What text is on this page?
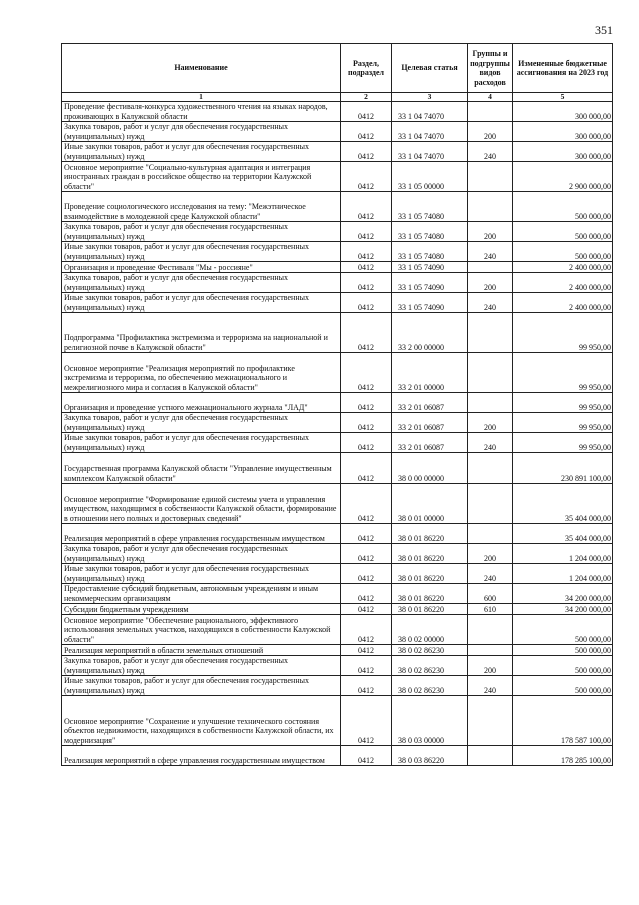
351
Наименование	Раздел, подраздел	Целевая статья	Группы и подгруппы видов расходов	Измененные бюджетные ассигнования на 2023 год
1	2	3	4	5
Проведение фестиваля-конкурса художественного чтения на языках народов, проживающих в Калужской области	0412	33 1 04 74070		300 000,00
Закупка товаров, работ и услуг для обеспечения государственных (муниципальных) нужд	0412	33 1 04 74070	200	300 000,00
Иные закупки товаров, работ и услуг для обеспечения государственных (муниципальных) нужд	0412	33 1 04 74070	240	300 000,00
Основное мероприятие "Социально-культурная адаптация и интеграция иностранных граждан в российское общество на территории Калужской области"	0412	33 1 05 00000		2 900 000,00
Проведение социологического исследования на тему: "Межэтническое взаимодействие в молодежной среде Калужской области"	0412	33 1 05 74080		500 000,00
Закупка товаров, работ и услуг для обеспечения государственных (муниципальных) нужд	0412	33 1 05 74080	200	500 000,00
Иные закупки товаров, работ и услуг для обеспечения государственных (муниципальных) нужд	0412	33 1 05 74080	240	500 000,00
Организация и проведение Фестиваля "Мы - россияне"	0412	33 1 05 74090		2 400 000,00
Закупка товаров, работ и услуг для обеспечения государственных (муниципальных) нужд	0412	33 1 05 74090	200	2 400 000,00
Иные закупки товаров, работ и услуг для обеспечения государственных (муниципальных) нужд	0412	33 1 05 74090	240	2 400 000,00
Подпрограмма "Профилактика экстремизма и терроризма на национальной и религиозной почве в Калужской области"	0412	33 2 00 00000		99 950,00
Основное мероприятие "Реализация мероприятий по профилактике экстремизма и терроризма, по обеспечению межнационального и межрелигиозного мира и согласия в Калужской области"	0412	33 2 01 00000		99 950,00
Организация и проведение устного межнационального журнала "ЛАД"	0412	33 2 01 06087		99 950,00
Закупка товаров, работ и услуг для обеспечения государственных (муниципальных) нужд	0412	33 2 01 06087	200	99 950,00
Иные закупки товаров, работ и услуг для обеспечения государственных (муниципальных) нужд	0412	33 2 01 06087	240	99 950,00
Государственная программа Калужской области "Управление имущественным комплексом Калужской области"	0412	38 0 00 00000		230 891 100,00
Основное мероприятие "Формирование единой системы учета и управления имуществом, находящимся в собственности Калужской области, формирование в отношении него полных и достоверных сведений"	0412	38 0 01 00000		35 404 000,00
Реализация мероприятий в сфере управления государственным имуществом	0412	38 0 01 86220		35 404 000,00
Закупка товаров, работ и услуг для обеспечения государственных (муниципальных) нужд	0412	38 0 01 86220	200	1 204 000,00
Иные закупки товаров, работ и услуг для обеспечения государственных (муниципальных) нужд	0412	38 0 01 86220	240	1 204 000,00
Предоставление субсидий бюджетным, автономным учреждениям и иным некоммерческим организациям	0412	38 0 01 86220	600	34 200 000,00
Субсидии бюджетным учреждениям	0412	38 0 01 86220	610	34 200 000,00
Основное мероприятие "Обеспечение рационального, эффективного использования земельных участков, находящихся в собственности Калужской области"	0412	38 0 02 00000		500 000,00
Реализация мероприятий в области земельных отношений	0412	38 0 02 86230		500 000,00
Закупка товаров, работ и услуг для обеспечения государственных (муниципальных) нужд	0412	38 0 02 86230	200	500 000,00
Иные закупки товаров, работ и услуг для обеспечения государственных (муниципальных) нужд	0412	38 0 02 86230	240	500 000,00
Основное мероприятие "Сохранение и улучшение технического состояния объектов недвижимости, находящихся в собственности Калужской области, их модернизация"	0412	38 0 03 00000		178 587 100,00
Реализация мероприятий в сфере управления государственным имуществом	0412	38 0 03 86220		178 285 100,00
